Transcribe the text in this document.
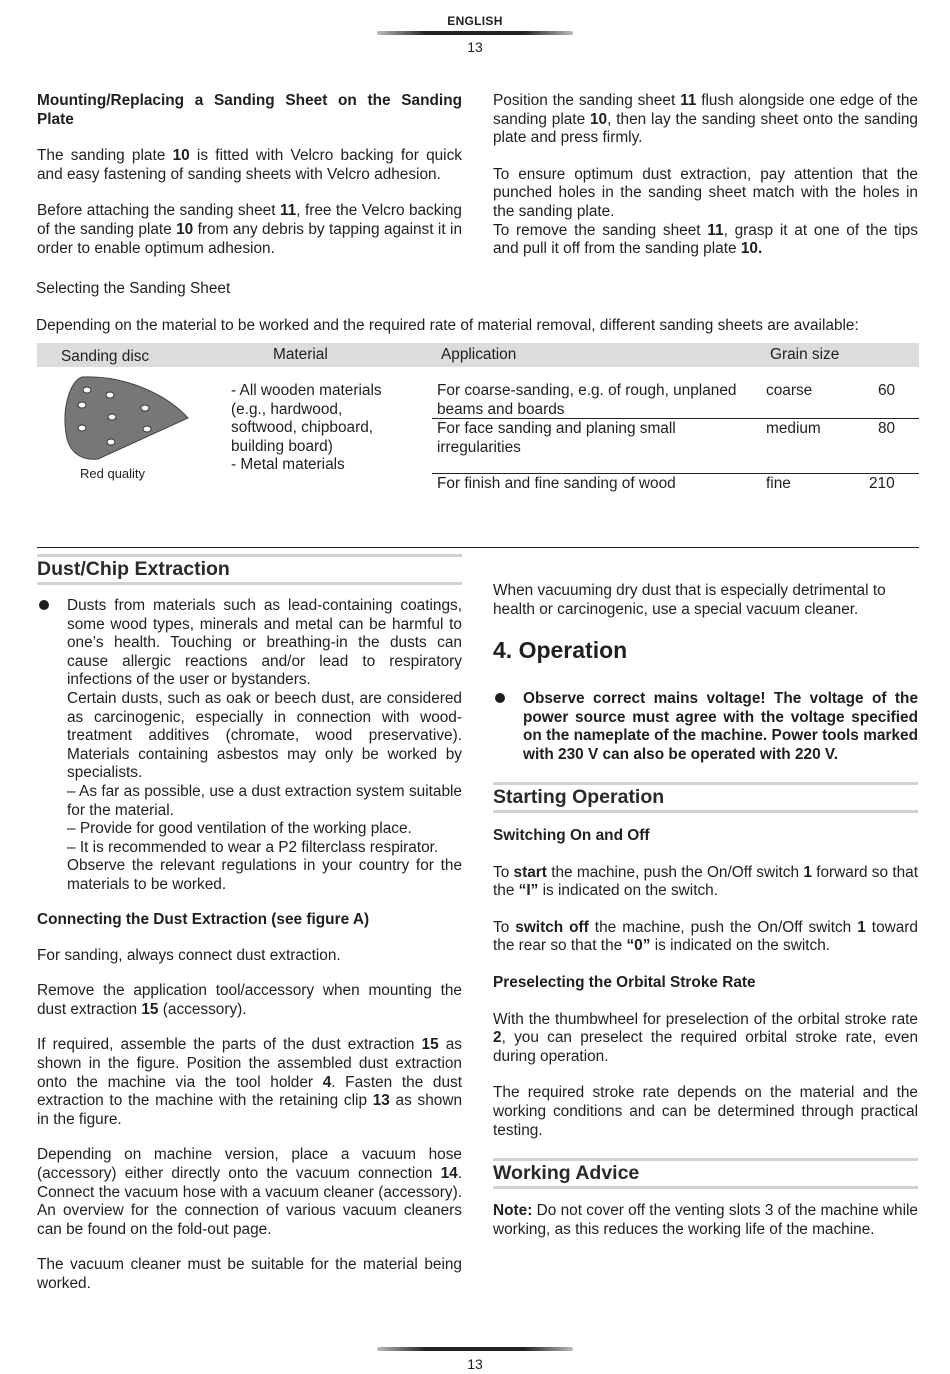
ENGLISH
13

Mounting/Replacing a Sanding Sheet on the Sanding Plate

The sanding plate 10 is fitted with Velcro backing for quick and easy fastening of sanding sheets with Velcro adhesion.

Before attaching the sanding sheet 11, free the Velcro backing of the sanding plate 10 from any debris by tapping against it in order to enable optimum adhesion.

Position the sanding sheet 11 flush alongside one edge of the sanding plate 10, then lay the sanding sheet onto the sanding plate and press firmly.

To ensure optimum dust extraction, pay attention that the punched holes in the sanding sheet match with the holes in the sanding plate.

To remove the sanding sheet 11, grasp it at one of the tips and pull it off from the sanding plate 10.

Selecting the Sanding Sheet
Depending on the material to be worked and the required rate of material removal, different sanding sheets are available:
Sanding disc	Material	Application	Grain size
Red quality
- All wooden materials (e.g., hardwood, softwood, chipboard, building board)
- Metal materials
For coarse-sanding, e.g. of rough, unplaned beams and boards
coarse	60
For face sanding and planing small irregularities
medium	80
For finish and fine sanding of wood	fine	210
Dust/Chip Extraction
Dusts from materials such as lead-containing coatings, some wood types, minerals and metal can be harmful to one’s health. Touching or breathing-in the dusts can cause allergic reactions and/or lead to respiratory infections of the user or bystanders.
Certain dusts, such as oak or beech dust, are considered as carcinogenic, especially in connection with wood-treatment additives (chromate, wood preservative). Materials containing asbestos may only be worked by specialists.
– As far as possible, use a dust extraction system suitable for the material.
– Provide for good ventilation of the working place.
– It is recommended to wear a P2 filterclass respirator.
Observe the relevant regulations in your country for the materials to be worked.

Connecting the Dust Extraction (see figure A)

For sanding, always connect dust extraction.

Remove the application tool/accessory when mounting the dust extraction 15 (accessory).

If required, assemble the parts of the dust extraction 15 as shown in the figure. Position the assembled dust extraction onto the machine via the tool holder 4. Fasten the dust extraction to the machine with the retaining clip 13 as shown in the figure.

Depending on machine version, place a vacuum hose (accessory) either directly onto the vacuum connection 14. Connect the vacuum hose with a vacuum cleaner (accessory). An overview for the connection of various vacuum cleaners can be found on the fold-out page.

The vacuum cleaner must be suitable for the material being worked.

When vacuuming dry dust that is especially detrimental to health or carcinogenic, use a special vacuum cleaner.
4. Operation
Observe correct mains voltage! The voltage of the power source must agree with the voltage specified on the nameplate of the machine. Power tools marked with 230 V can also be operated with 220 V.
Starting Operation

Switching On and Off

To start the machine, push the On/Off switch 1 forward so that the “I” is indicated on the switch.

To switch off the machine, push the On/Off switch 1 toward the rear so that the “0” is indicated on the switch.

Preselecting the Orbital Stroke Rate

With the thumbwheel for preselection of the orbital stroke rate 2, you can preselect the required orbital stroke rate, even during operation.

The required stroke rate depends on the material and the working conditions and can be determined through practical testing.

Working Advice

Note: Do not cover off the venting slots 3 of the machine while working, as this reduces the working life of the machine.

13
